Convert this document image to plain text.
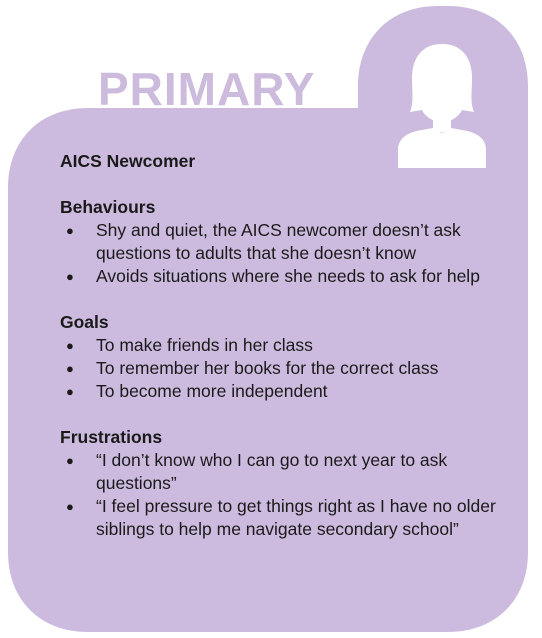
PRIMARY

AICS Newcomer

Behaviours

● Shy and quiet, the AICS newcomer doesn’t ask questions to adults that she doesn’t know
● Avoids situations where she needs to ask for help

Goals

● To make friends in her class
● To remember her books for the correct class
● To become more independent

Frustrations

● “I don’t know who I can go to next year to ask questions”
● “I feel pressure to get things right as I have no older siblings to help me navigate secondary school”
